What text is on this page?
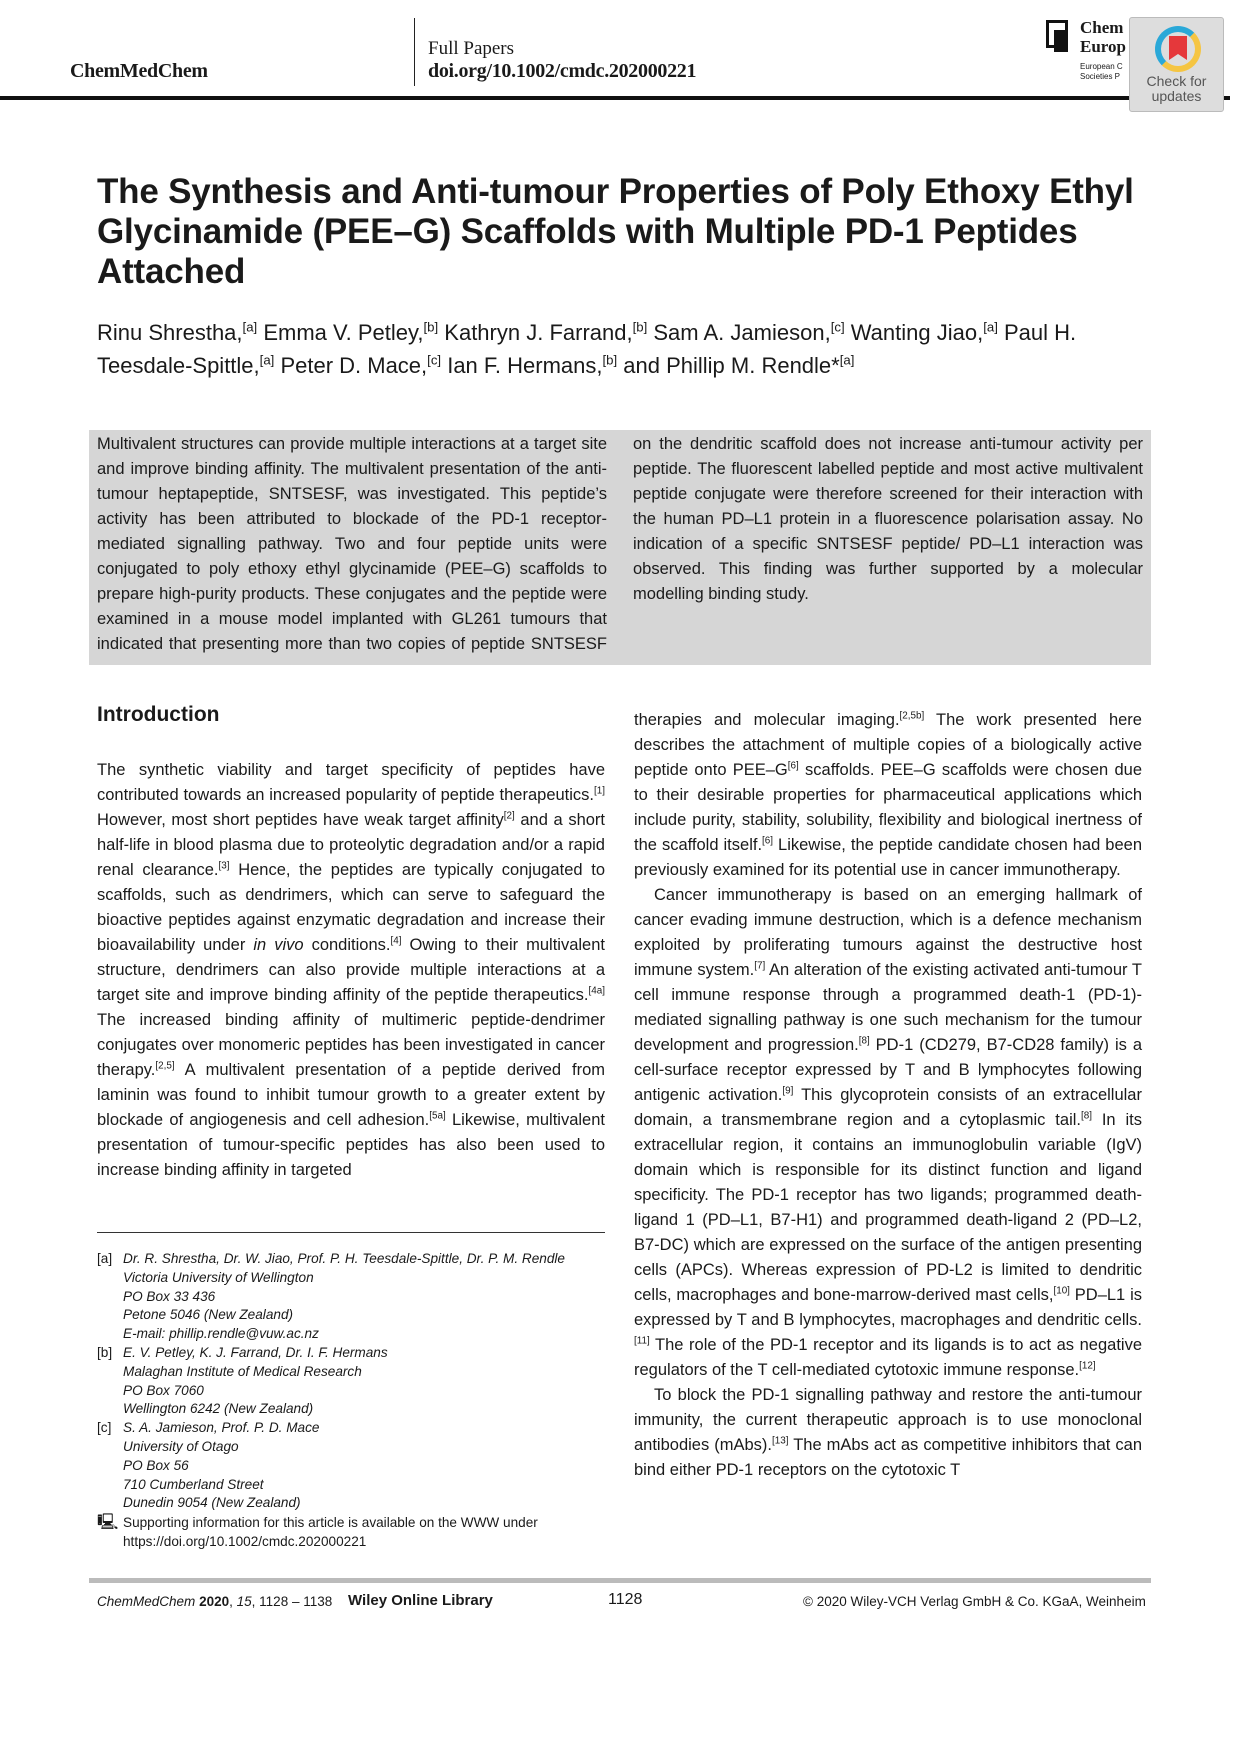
ChemMedChem
Full Papers
doi.org/10.1002/cmdc.202000221
Chem
Europ
European C
Societies P	Check for updates
The Synthesis and Anti-tumour Properties of Poly Ethoxy Ethyl Glycinamide (PEE–G) Scaffolds with Multiple PD-1 Peptides Attached
Rinu Shrestha,[a] Emma V. Petley,[b] Kathryn J. Farrand,[b] Sam A. Jamieson,[c] Wanting Jiao,[a] Paul H. Teesdale-Spittle,[a] Peter D. Mace,[c] Ian F. Hermans,[b] and Phillip M. Rendle*[a]
Multivalent structures can provide multiple interactions at a target site and improve binding affinity. The multivalent presentation of the anti-tumour heptapeptide, SNTSESF, was investigated. This peptide’s activity has been attributed to blockade of the PD-1 receptor-mediated signalling pathway. Two and four peptide units were conjugated to poly ethoxy ethyl glycinamide (PEE–G) scaffolds to prepare high-purity products. These conjugates and the peptide were examined in a mouse model implanted with GL261 tumours that indicated that presenting more than two copies of peptide SNTSESF on the dendritic scaffold does not increase anti-tumour activity per peptide. The fluorescent labelled peptide and most active multivalent peptide conjugate were therefore screened for their interaction with the human PD–L1 protein in a fluorescence polarisation assay. No indication of a specific SNTSESF peptide/ PD–L1 interaction was observed. This finding was further supported by a molecular modelling binding study.
Introduction
The synthetic viability and target specificity of peptides have contributed towards an increased popularity of peptide therapeutics.[1] However, most short peptides have weak target affinity[2] and a short half-life in blood plasma due to proteolytic degradation and/or a rapid renal clearance.[3] Hence, the peptides are typically conjugated to scaffolds, such as dendrimers, which can serve to safeguard the bioactive peptides against enzymatic degradation and increase their bioavailability under in vivo conditions.[4] Owing to their multivalent structure, dendrimers can also provide multiple interactions at a target site and improve binding affinity of the peptide therapeutics.[4a] The increased binding affinity of multimeric peptide-dendrimer conjugates over monomeric peptides has been investigated in cancer therapy.[2,5] A multivalent presentation of a peptide derived from laminin was found to inhibit tumour growth to a greater extent by blockade of angiogenesis and cell adhesion.[5a] Likewise, multivalent presentation of tumour-specific peptides has also been used to increase binding affinity in targeted
therapies and molecular imaging.[2,5b] The work presented here describes the attachment of multiple copies of a biologically active peptide onto PEE–G[6] scaffolds. PEE–G scaffolds were chosen due to their desirable properties for pharmaceutical applications which include purity, stability, solubility, flexibility and biological inertness of the scaffold itself.[6] Likewise, the peptide candidate chosen had been previously examined for its potential use in cancer immunotherapy.
Cancer immunotherapy is based on an emerging hallmark of cancer evading immune destruction, which is a defence mechanism exploited by proliferating tumours against the destructive host immune system.[7] An alteration of the existing activated anti-tumour T cell immune response through a programmed death-1 (PD-1)-mediated signalling pathway is one such mechanism for the tumour development and progression.[8] PD-1 (CD279, B7-CD28 family) is a cell-surface receptor expressed by T and B lymphocytes following antigenic activation.[9] This glycoprotein consists of an extracellular domain, a transmembrane region and a cytoplasmic tail.[8] In its extracellular region, it contains an immunoglobulin variable (IgV) domain which is responsible for its distinct function and ligand specificity. The PD-1 receptor has two ligands; programmed death-ligand 1 (PD–L1, B7-H1) and programmed death-ligand 2 (PD–L2, B7-DC) which are expressed on the surface of the antigen presenting cells (APCs). Whereas expression of PD-L2 is limited to dendritic cells, macrophages and bone-marrow-derived mast cells,[10] PD–L1 is expressed by T and B lymphocytes, macrophages and dendritic cells.[11] The role of the PD-1 receptor and its ligands is to act as negative regulators of the T cell-mediated cytotoxic immune response.[12]
To block the PD-1 signalling pathway and restore the anti-tumour immunity, the current therapeutic approach is to use monoclonal antibodies (mAbs).[13] The mAbs act as competitive inhibitors that can bind either PD-1 receptors on the cytotoxic T
[a] Dr. R. Shrestha, Dr. W. Jiao, Prof. P. H. Teesdale-Spittle, Dr. P. M. Rendle
Victoria University of Wellington
PO Box 33 436
Petone 5046 (New Zealand)
E-mail: phillip.rendle@vuw.ac.nz
[b] E. V. Petley, K. J. Farrand, Dr. I. F. Hermans
Malaghan Institute of Medical Research
PO Box 7060
Wellington 6242 (New Zealand)
[c] S. A. Jamieson, Prof. P. D. Mace
University of Otago
PO Box 56
710 Cumberland Street
Dunedin 9054 (New Zealand)
🖳 Supporting information for this article is available on the WWW under https://doi.org/10.1002/cmdc.202000221
ChemMedChem 2020, 15, 1128 – 1138 Wiley Online Library	1128	© 2020 Wiley-VCH Verlag GmbH & Co. KGaA, Weinheim
